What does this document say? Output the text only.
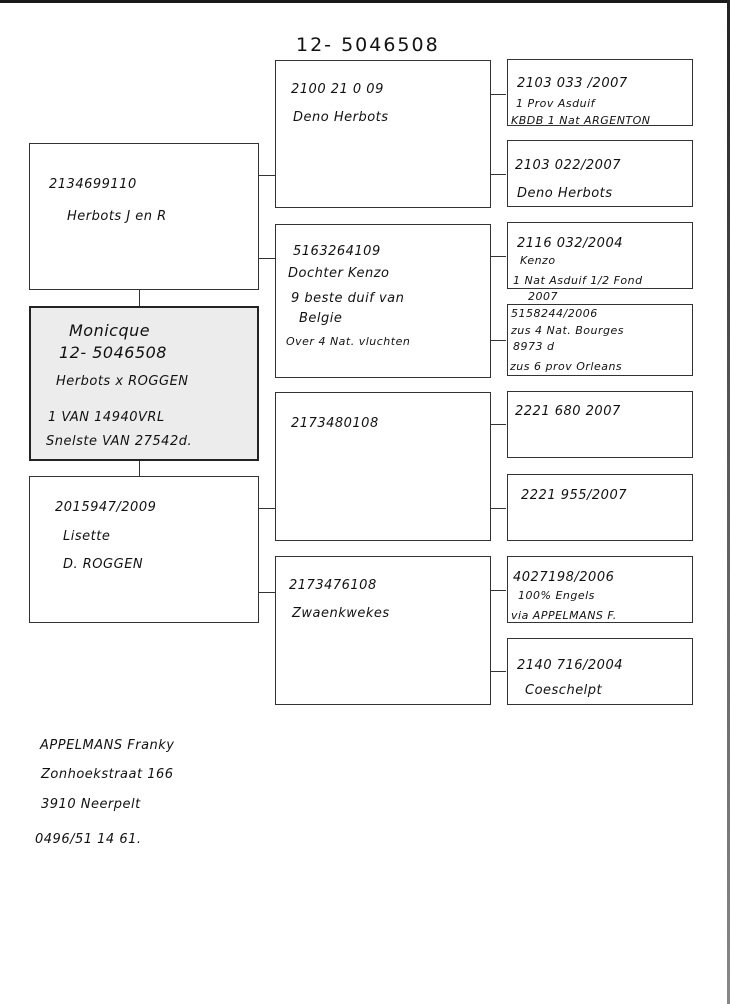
12- 5046508
2134699110
Herbots J en R
Monicque
12- 5046508
Herbots x ROGGEN
1 VAN 14940VRL
Snelste VAN 27542d.
2015947/2009
Lisette
D. ROGGEN
2100 21 0 09
Deno Herbots
5163264109
Dochter Kenzo
9 beste duif van
Belgie
Over 4 Nat. vluchten
2173480108
2173476108
Zwaenkwekes
2103 033 /2007
1 Prov Asduif
KBDB 1 Nat ARGENTON
2103 022/2007
Deno Herbots
2116 032/2004
Kenzo
1 Nat Asduif 1/2 Fond
2007
5158244/2006
zus 4 Nat. Bourges
8973 d
zus 6 prov Orleans
2221 680 2007
2221 955/2007
4027198/2006
100% Engels
via APPELMANS F.
2140 716/2004
Coeschelpt
APPELMANS Franky
Zonhoekstraat 166
3910 Neerpelt
0496/51 14 61.
